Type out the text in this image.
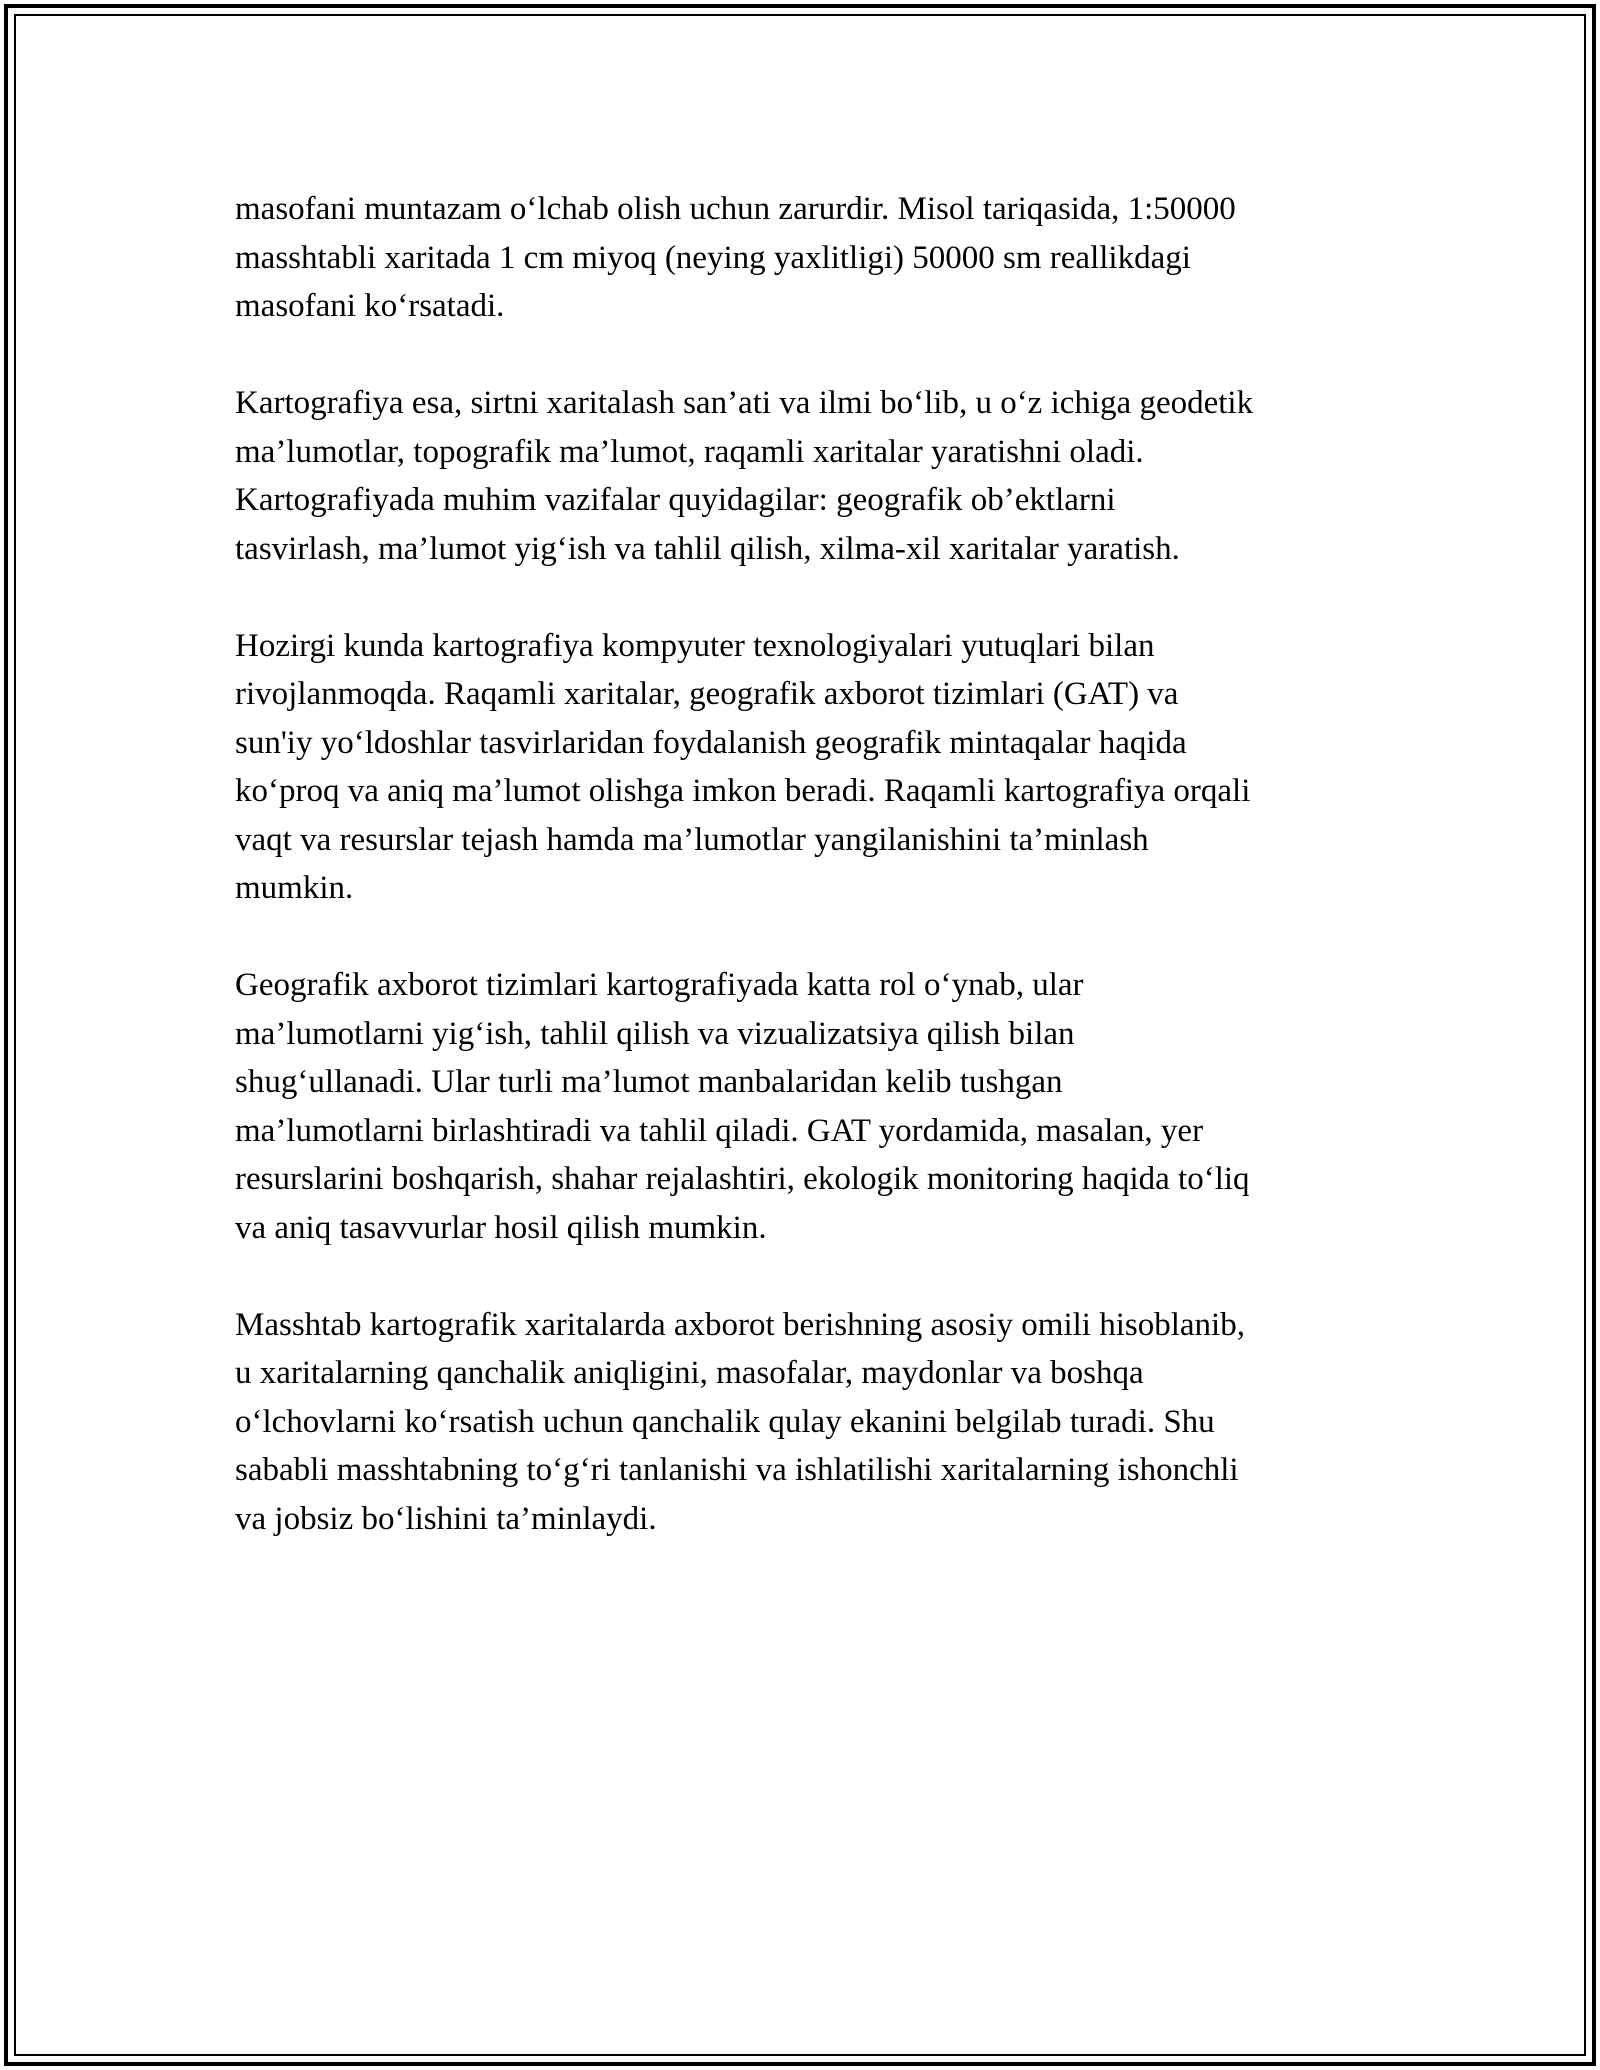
masofani muntazam o‘lchab olish uchun zarurdir. Misol tariqasida, 1:50000
masshtabli xaritada 1 cm miyoq (neying yaxlitligi) 50000 sm reallikdagi
masofani ko‘rsatadi.

Kartografiya esa, sirtni xaritalash san’ati va ilmi bo‘lib, u o‘z ichiga geodetik
ma’lumotlar, topografik ma’lumot, raqamli xaritalar yaratishni oladi.
Kartografiyada muhim vazifalar quyidagilar: geografik ob’ektlarni
tasvirlash, ma’lumot yig‘ish va tahlil qilish, xilma-xil xaritalar yaratish.

Hozirgi kunda kartografiya kompyuter texnologiyalari yutuqlari bilan
rivojlanmoqda. Raqamli xaritalar, geografik axborot tizimlari (GAT) va
sun'iy yo‘ldoshlar tasvirlaridan foydalanish geografik mintaqalar haqida
ko‘proq va aniq ma’lumot olishga imkon beradi. Raqamli kartografiya orqali
vaqt va resurslar tejash hamda ma’lumotlar yangilanishini ta’minlash
mumkin.

Geografik axborot tizimlari kartografiyada katta rol o‘ynab, ular
ma’lumotlarni yig‘ish, tahlil qilish va vizualizatsiya qilish bilan
shug‘ullanadi. Ular turli ma’lumot manbalaridan kelib tushgan
ma’lumotlarni birlashtiradi va tahlil qiladi. GAT yordamida, masalan, yer
resurslarini boshqarish, shahar rejalashtiri, ekologik monitoring haqida to‘liq
va aniq tasavvurlar hosil qilish mumkin.

Masshtab kartografik xaritalarda axborot berishning asosiy omili hisoblanib,
u xaritalarning qanchalik aniqligini, masofalar, maydonlar va boshqa
o‘lchovlarni ko‘rsatish uchun qanchalik qulay ekanini belgilab turadi. Shu
sababli masshtabning to‘g‘ri tanlanishi va ishlatilishi xaritalarning ishonchli
va jobsiz bo‘lishini ta’minlaydi.
